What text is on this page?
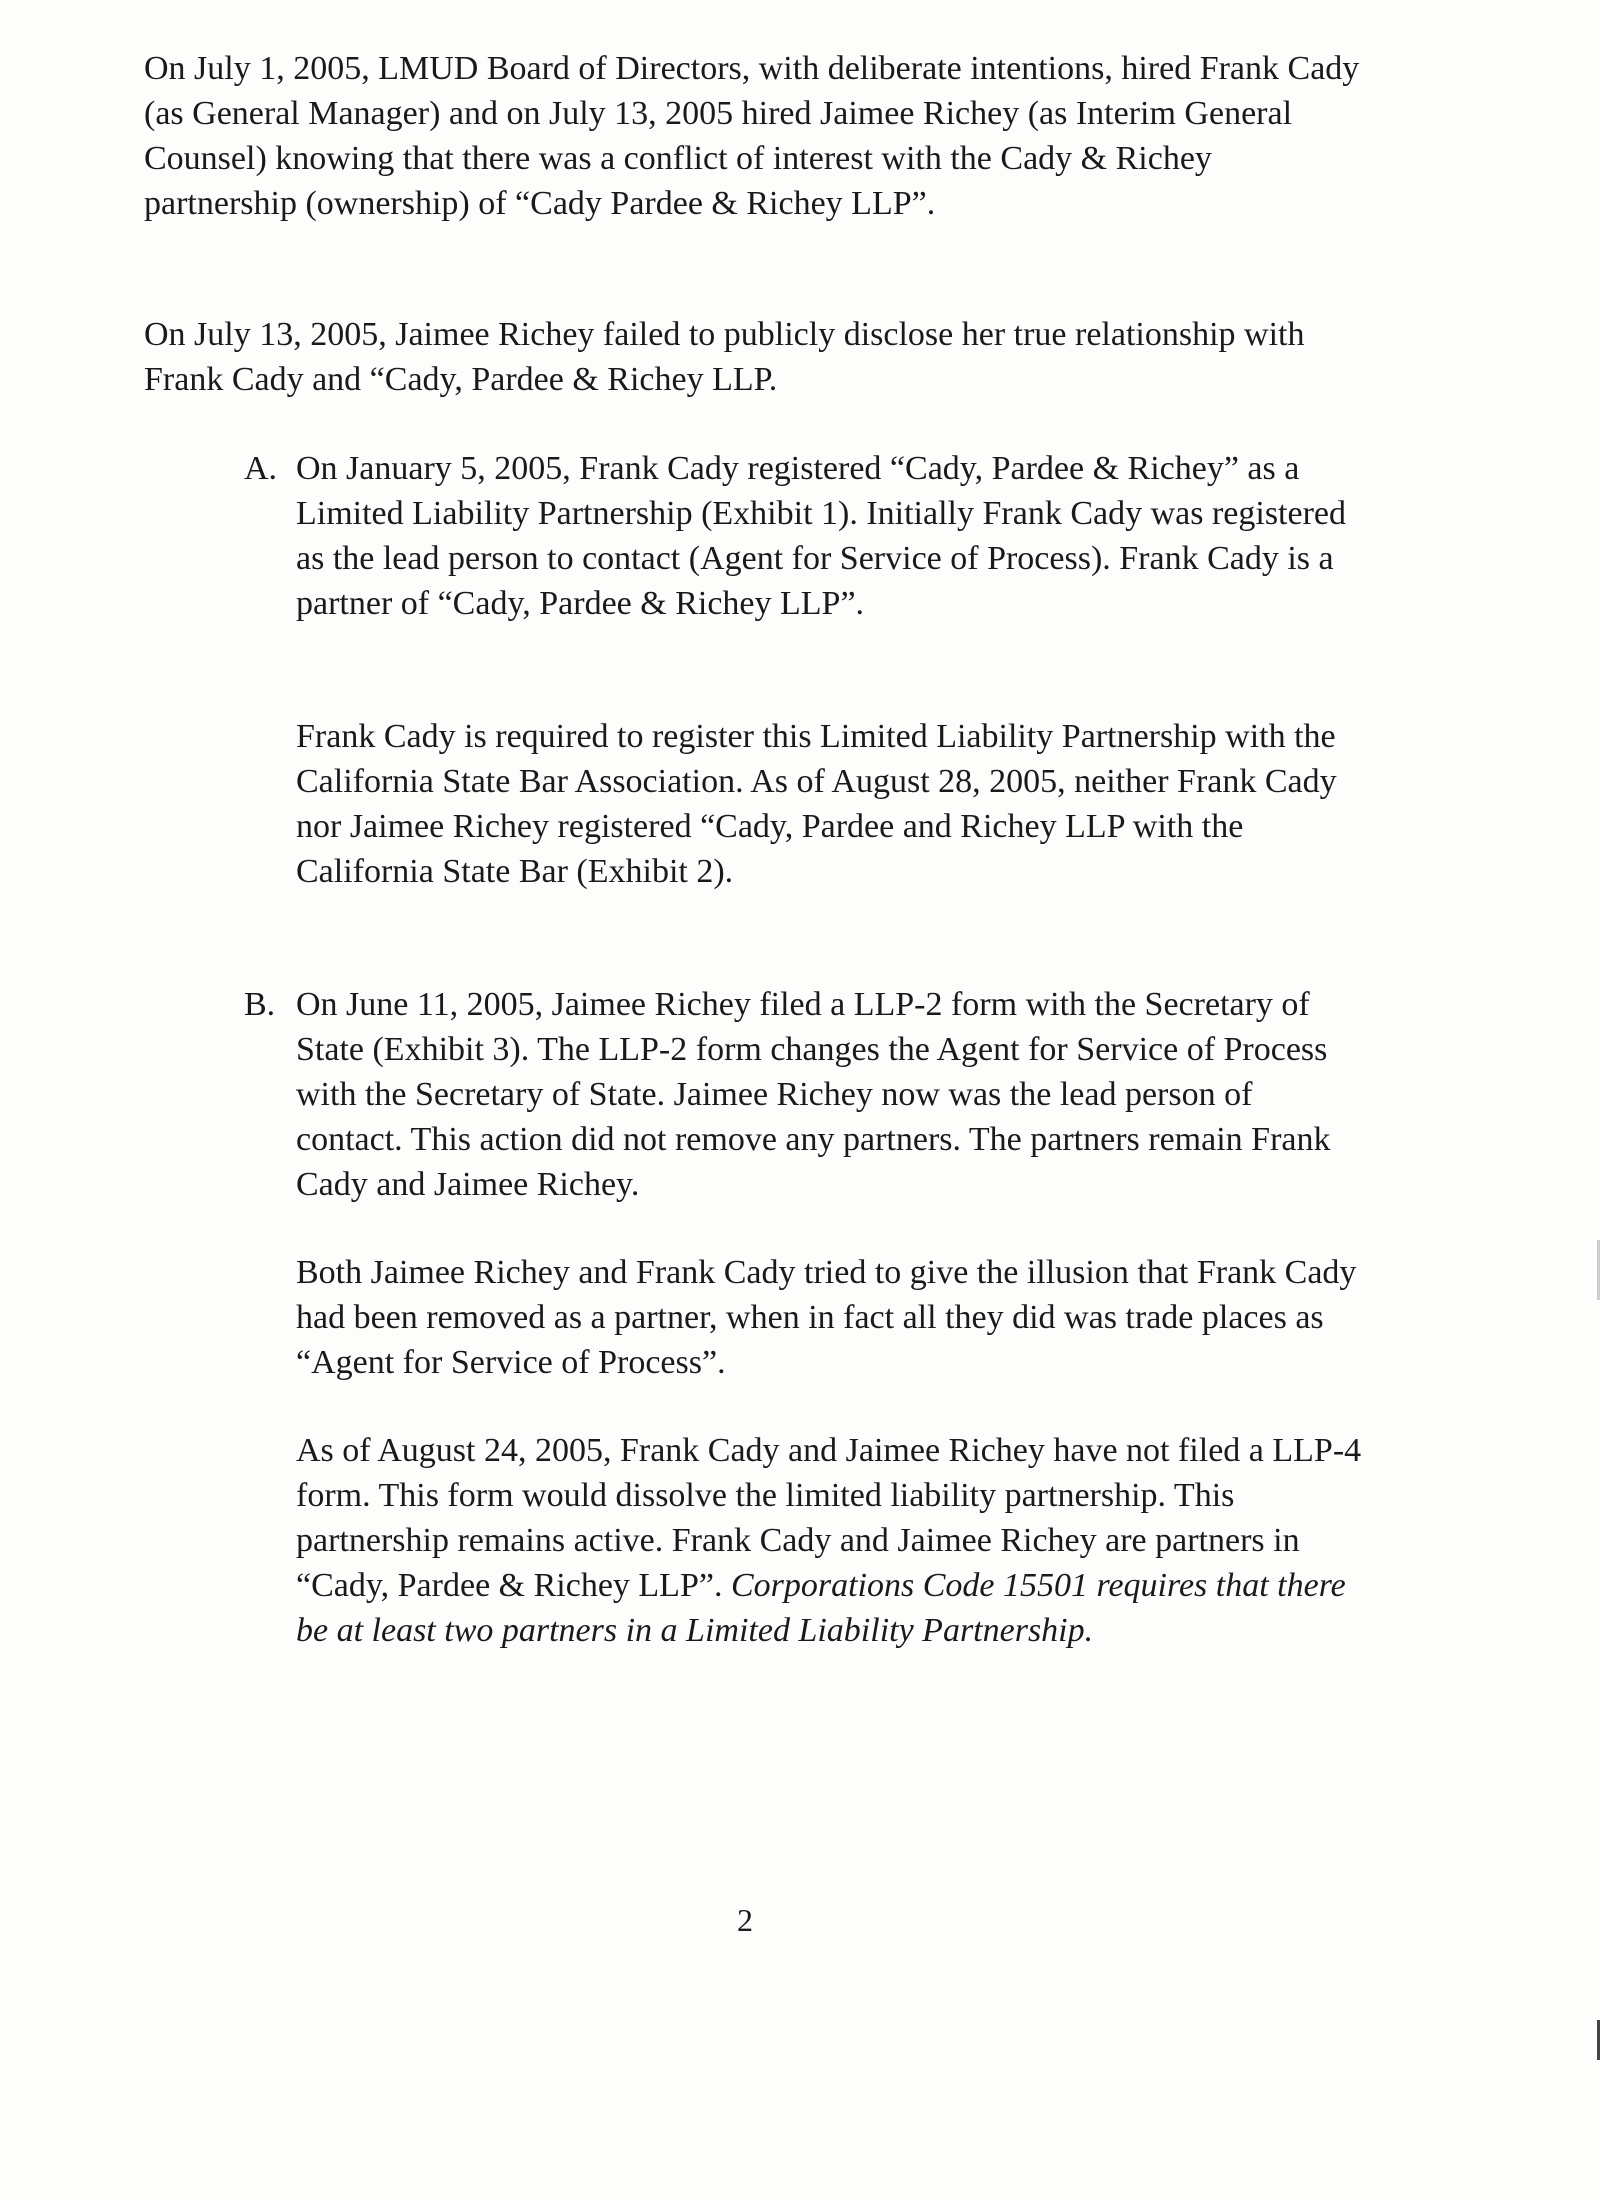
On July 1, 2005, LMUD Board of Directors, with deliberate intentions, hired Frank Cady (as General Manager) and on July 13, 2005 hired Jaimee Richey (as Interim General Counsel) knowing that there was a conflict of interest with the Cady & Richey partnership (ownership) of “Cady Pardee & Richey LLP”.

On July 13, 2005, Jaimee Richey failed to publicly disclose her true relationship with Frank Cady and “Cady, Pardee & Richey LLP.

A. On January 5, 2005, Frank Cady registered “Cady, Pardee & Richey” as a Limited Liability Partnership (Exhibit 1). Initially Frank Cady was registered as the lead person to contact (Agent for Service of Process). Frank Cady is a partner of “Cady, Pardee & Richey LLP”.

Frank Cady is required to register this Limited Liability Partnership with the California State Bar Association. As of August 28, 2005, neither Frank Cady nor Jaimee Richey registered “Cady, Pardee and Richey LLP with the California State Bar (Exhibit 2).

B. On June 11, 2005, Jaimee Richey filed a LLP-2 form with the Secretary of State (Exhibit 3). The LLP-2 form changes the Agent for Service of Process with the Secretary of State. Jaimee Richey now was the lead person of contact. This action did not remove any partners. The partners remain Frank Cady and Jaimee Richey.

Both Jaimee Richey and Frank Cady tried to give the illusion that Frank Cady had been removed as a partner, when in fact all they did was trade places as “Agent for Service of Process”.

As of August 24, 2005, Frank Cady and Jaimee Richey have not filed a LLP-4 form. This form would dissolve the limited liability partnership. This partnership remains active. Frank Cady and Jaimee Richey are partners in “Cady, Pardee & Richey LLP”. Corporations Code 15501 requires that there be at least two partners in a Limited Liability Partnership.
2
